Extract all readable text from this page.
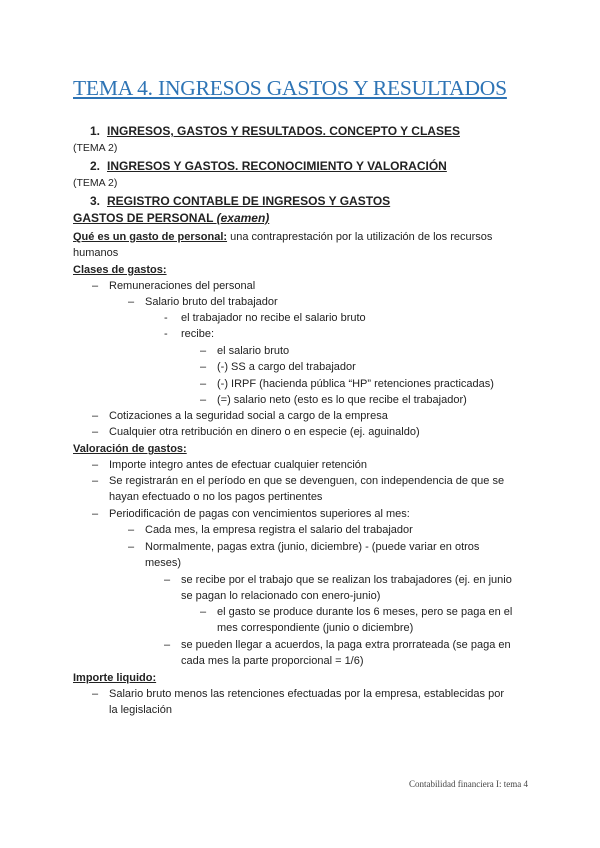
TEMA 4. INGRESOS GASTOS Y RESULTADOS
1. INGRESOS, GASTOS Y RESULTADOS. CONCEPTO Y CLASES
(TEMA 2)
2. INGRESOS Y GASTOS. RECONOCIMIENTO Y VALORACIÓN
(TEMA 2)
3. REGISTRO CONTABLE DE INGRESOS Y GASTOS
GASTOS DE PERSONAL (examen)
Qué es un gasto de personal: una contraprestación por la utilización de los recursos
humanos
Clases de gastos:
– Remuneraciones del personal
– Salario bruto del trabajador
- el trabajador no recibe el salario bruto
- recibe:
– el salario bruto
– (-) SS a cargo del trabajador
– (-) IRPF (hacienda pública “HP” retenciones practicadas)
– (=) salario neto (esto es lo que recibe el trabajador)
– Cotizaciones a la seguridad social a cargo de la empresa
– Cualquier otra retribución en dinero o en especie (ej. aguinaldo)
Valoración de gastos:
– Importe integro antes de efectuar cualquier retención
– Se registrarán en el período en que se devenguen, con independencia de que se
hayan efectuado o no los pagos pertinentes
– Periodificación de pagas con vencimientos superiores al mes:
– Cada mes, la empresa registra el salario del trabajador
– Normalmente, pagas extra (junio, diciembre) - (puede variar en otros
meses)
– se recibe por el trabajo que se realizan los trabajadores (ej. en junio
se pagan lo relacionado con enero-junio)
– el gasto se produce durante los 6 meses, pero se paga en el
mes correspondiente (junio o diciembre)
– se pueden llegar a acuerdos, la paga extra prorrateada (se paga en
cada mes la parte proporcional = 1/6)
Importe liquido:
– Salario bruto menos las retenciones efectuadas por la empresa, establecidas por
la legislación
Contabilidad financiera I: tema 4
